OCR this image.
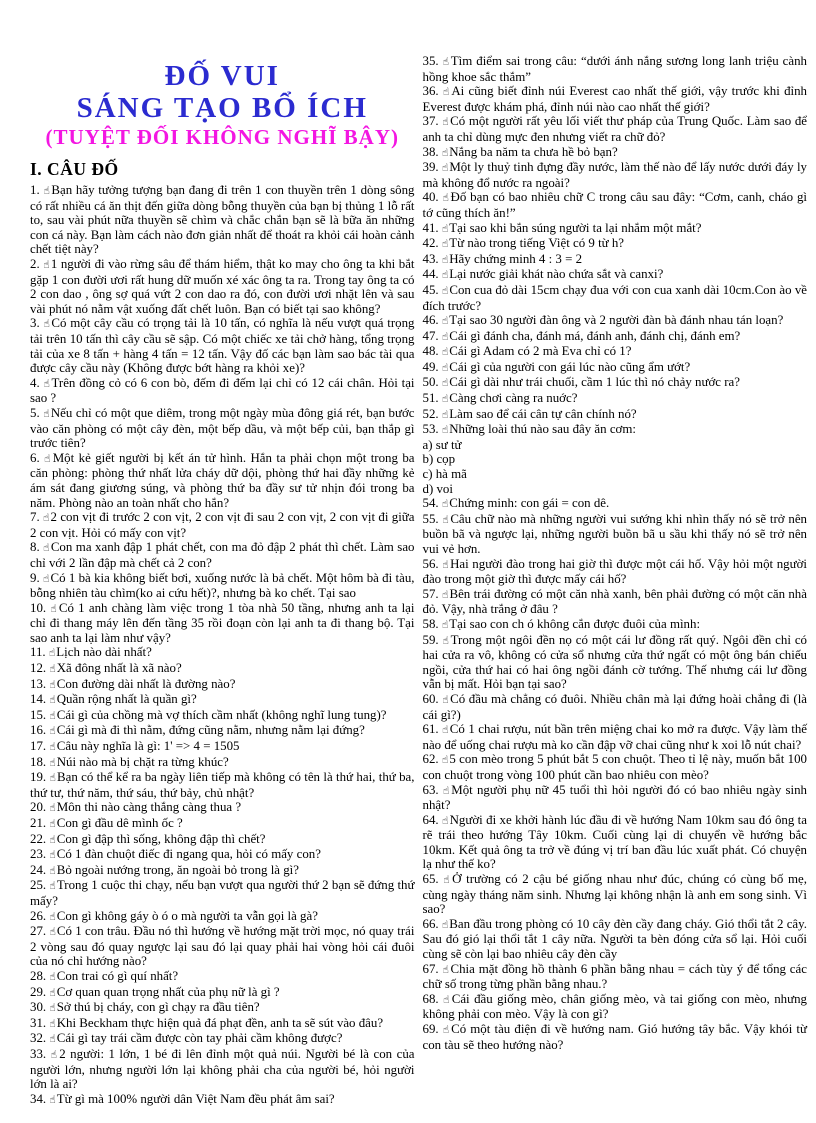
ĐỐ VUI
SÁNG TẠO BỔ ÍCH
(TUYỆT ĐỐI KHÔNG NGHĨ BẬY)
I. CÂU ĐỐ

1. ☝Bạn hãy tưởng tượng bạn đang đi trên 1 con thuyền trên 1 dòng sông có rất nhiều cá ăn thịt đến giữa dòng bỗng thuyền của bạn bị thủng 1 lỗ rất to, sau vài phút nữa thuyền sẽ chìm và chắc chắn bạn sẽ là bữa ăn những con cá này. Bạn làm cách nào đơn giản nhất để thoát ra khỏi cái hoàn cảnh chết tiệt này?

2. ☝1 người đi vào rừng sâu để thám hiểm, thật ko may cho ông ta khi bắt gặp 1 con đười ươi rất hung dữ muốn xé xác ông ta ra. Trong tay ông ta có 2 con dao , ông sợ quá vứt 2 con dao ra đó, con đười ươi nhặt lên và sau vài phút nó nằm vật xuống đất chết luôn. Bạn có biết tại sao không?

3. ☝Có một cây cầu có trọng tải là 10 tấn, có nghĩa là nếu vượt quá trọng tải trên 10 tấn thì cây cầu sẽ sập. Có một chiếc xe tải chở hàng, tổng trọng tải của xe 8 tấn + hàng 4 tấn = 12 tấn. Vậy đố các bạn làm sao bác tài qua được cây cầu này (Không được bớt hàng ra khỏi xe)?

4. ☝Trên đồng cỏ có 6 con bò, đếm đi đếm lại chỉ có 12 cái chân. Hỏi tại sao ?

5. ☝Nếu chỉ có một que diêm, trong một ngày mùa đông giá rét, bạn bước vào căn phòng có một cây đèn, một bếp dầu, và một bếp củi, bạn thắp gì trước tiên?

6. ☝Một kẻ giết người bị kết án tử hình. Hắn ta phải chọn một trong ba căn phòng: phòng thứ nhất lửa cháy dữ dội, phòng thứ hai đầy những kẻ ám sát đang giương súng, và phòng thứ ba đầy sư tử nhịn đói trong ba năm. Phòng nào an toàn nhất cho hắn?

7. ☝2 con vịt đi trước 2 con vịt, 2 con vịt đi sau 2 con vịt, 2 con vịt đi giữa 2 con vịt. Hỏi có mấy con vịt?

8. ☝Con ma xanh đập 1 phát chết, con ma đỏ đập 2 phát thì chết. Làm sao chỉ với 2 lần đập mà chết cả 2 con?

9. ☝Có 1 bà kia không biết bơi, xuống nước là bả chết. Một hôm bà đi tàu, bỗng nhiên tàu chìm(ko ai cứu hết)?, nhưng bà ko chết. Tại sao

10. ☝Có 1 anh chàng làm việc trong 1 tòa nhà 50 tầng, nhưng anh ta lại chỉ đi thang máy lên đến tầng 35 rồi đoạn còn lại anh ta đi thang bộ. Tại sao anh ta lại làm như vậy?

11. ☝Lịch nào dài nhất?

12. ☝Xã đông nhất là xã nào?

13. ☝Con đường dài nhất là đường nào?

14. ☝Quần rộng nhất là quần gì?

15. ☝Cái gì của chồng mà vợ thích cầm nhất (không nghĩ lung tung)?

16. ☝Cái gì mà đi thì nằm, đứng cũng nằm, nhưng nằm lại đứng?

17. ☝Câu này nghĩa là gì: 1' => 4 = 1505

18. ☝Núi nào mà bị chặt ra từng khúc?

19. ☝Bạn có thể kể ra ba ngày liên tiếp mà không có tên là thứ hai, thứ ba, thứ tư, thứ năm, thứ sáu, thứ bảy, chủ nhật?

20. ☝Môn thi nào càng thắng càng thua ?

21. ☝Con gì đầu dê mình ốc ?

22. ☝Con gì đập thì sống, không đập thì chết?

23. ☝Có 1 đàn chuột điếc đi ngang qua, hỏi có mấy con?

24. ☝Bỏ ngoài nướng trong, ăn ngoài bỏ trong là gì?

25. ☝Trong 1 cuộc thi chạy, nếu bạn vượt qua người thứ 2 bạn sẽ đứng thứ mấy?

26. ☝Con gì không gáy ò ó o mà người ta vẫn gọi là gà?

27. ☝Có 1 con trâu. Đầu nó thì hướng về hướng mặt trời mọc, nó quay trái 2 vòng sau đó quay ngược lại sau đó lại quay phải hai vòng hỏi cái đuôi của nó chỉ hướng nào?

28. ☝Con trai có gì quí nhất?

29. ☝Cơ quan quan trọng nhất của phụ nữ là gì ?

30. ☝Sở thú bị cháy, con gì chạy ra đầu tiên?

31. ☝Khi Beckham thực hiện quả đá phạt đền, anh ta sẽ sút vào đâu?

32. ☝Cái gì tay trái cầm được còn tay phải cầm không được?

33. ☝2 người: 1 lớn, 1 bé đi lên đỉnh một quả núi. Người bé là con của người lớn, nhưng người lớn lại không phải cha của người bé, hỏi người lớn là ai?

34. ☝Từ gì mà 100% người dân Việt Nam đều phát âm sai?

35. ☝Tìm điểm sai trong câu: “dưới ánh nắng sương long lanh triệu cành hồng khoe sắc thắm”

36. ☝Ai cũng biết đỉnh núi Everest cao nhất thế giới, vậy trước khi đỉnh Everest được khám phá, đỉnh núi nào cao nhất thế giới?

37. ☝Có một người rất yêu lối viết thư pháp của Trung Quốc. Làm sao để anh ta chỉ dùng mực đen nhưng viết ra chữ đỏ?

38. ☝Nắng ba năm ta chưa hề bỏ bạn?

39. ☝Một ly thuỷ tinh đựng đầy nước, làm thế nào để lấy nước dưới đáy ly mà không đổ nước ra ngoài?

40. ☝Đố bạn có bao nhiêu chữ C trong câu sau đây: “Cơm, canh, cháo gì tớ cũng thích ăn!”

41. ☝Tại sao khi bắn súng người ta lại nhắm một mắt?

42. ☝Từ nào trong tiếng Việt có 9 từ h?

43. ☝Hãy chứng minh 4 : 3 = 2

44. ☝Lại nước giải khát nào chứa sắt và canxi?

45. ☝Con cua đỏ dài 15cm chạy đua với con cua xanh dài 10cm.Con ào về đích trước?

46. ☝Tại sao 30 người đàn ông và 2 người đàn bà đánh nhau tán loạn?

47. ☝Cái gì đánh cha, đánh má, đánh anh, đánh chị, đánh em?

48. ☝Cái gì Adam có 2 mà Eva chỉ có 1?

49. ☝Cái gì của người con gái lúc nào cũng ẩm ướt?

50. ☝Cái gì dài như trái chuối, cầm 1 lúc thì nó chảy nước ra?

51. ☝Càng chơi càng ra nuớc?

52. ☝Làm sao để cái cân tự cân chính nó?

53. ☝Những loài thú nào sau đây ăn cơm:

a) sư tử

b) cọp

c) hà mã

d) voi

54. ☝Chứng minh: con gái = con dê.

55. ☝Câu chữ nào mà những người vui sướng khi nhìn thấy nó sẽ trở nên buồn bã và ngược lại, những người buồn bã u sầu khi thấy nó sẽ trở nên vui vẻ hơn.

56. ☝Hai người đào trong hai giờ thì được một cái hố. Vậy hỏi một người đào trong một giờ thì được mấy cái hố?

57. ☝Bên trái đường có một căn nhà xanh, bên phải đường có một căn nhà đỏ. Vậy, nhà trắng ở đâu ?

58. ☝Tại sao con ch ó không cắn được đuôi của mình:

59. ☝Trong một ngôi đền nọ có một cái lư đồng rất quý. Ngôi đền chỉ có hai cửa ra vô, không có cửa sổ nhưng cửa thứ ngất có một ông bán chiếu ngồi, cửa thứ hai có hai ông ngồi đánh cờ tướng. Thế nhưng cái lư đồng vẫn bị mất. Hỏi bạn tại sao?

60. ☝Có đầu mà chẳng có đuôi. Nhiều chân mà lại đứng hoài chẳng đi (là cái gì?)

61. ☝Có 1 chai rượu, nút bần trên miệng chai ko mở ra được. Vậy làm thế nào để uống chai rượu mà ko cần đập vỡ chai cũng như k xoi lỗ nút chai?

62. ☝5 con mèo trong 5 phút bắt 5 con chuột. Theo tỉ lệ này, muốn bắt 100 con chuột trong vòng 100 phút cần bao nhiêu con mèo?

63. ☝Một người phụ nữ 45 tuổi thì hỏi người đó có bao nhiêu ngày sinh nhật?

64. ☝Người đi xe khởi hành lúc đầu đi về hướng Nam 10km sau đó ông ta rẽ trái theo hướng Tây 10km. Cuối cùng lại di chuyển về hướng bắc 10km. Kết quả ông ta trở về đúng vị trí ban đầu lúc xuất phát. Có chuyện lạ như thế ko?

65. ☝Ở trường có 2 cậu bé giống nhau như đúc, chúng có cùng bố mẹ, cùng ngày tháng năm sinh. Nhưng lại không nhận là anh em song sinh. Vì sao?

66. ☝Ban đầu trong phòng có 10 cây đèn cầy đang cháy. Gió thổi tắt 2 cây. Sau đó gió lại thổi tắt 1 cây nữa. Người ta bèn đóng cửa sổ lại. Hỏi cuối cùng sẽ còn lại bao nhiêu cây đèn cầy

67. ☝Chia mặt đồng hồ thành 6 phần bằng nhau = cách tùy ý để tổng các chữ số trong từng phần bằng nhau.?

68. ☝Cái đầu giống mèo, chân giống mèo, và tai giống con mèo, nhưng không phải con mèo. Vậy là con gì?

69. ☝Có một tàu điện đi về hướng nam. Gió hướng tây bắc. Vậy khói từ con tàu sẽ theo hướng nào?
